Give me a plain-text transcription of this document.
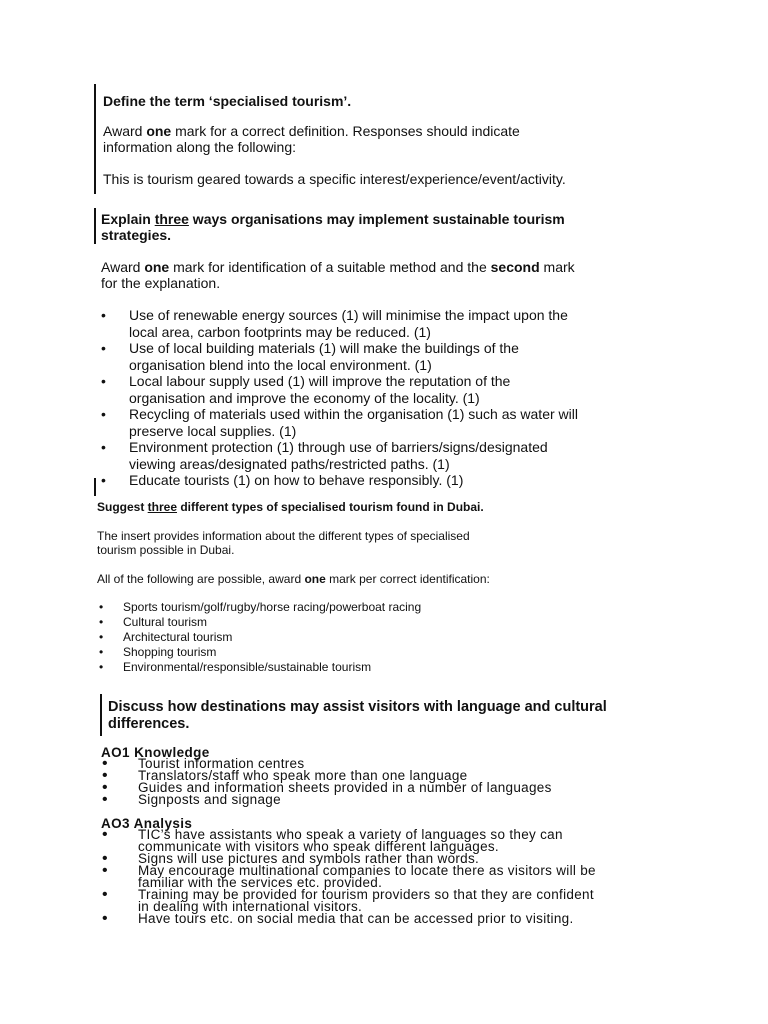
Define the term ‘specialised tourism’.

Award one mark for a correct definition. Responses should indicate

information along the following:

This is tourism geared towards a specific interest/experience/event/activity.

Explain three ways organisations may implement sustainable tourism

strategies.

Award one mark for identification of a suitable method and the second mark

for the explanation.

• Use of renewable energy sources (1) will minimise the impact upon the
local area, carbon footprints may be reduced. (1)
• Use of local building materials (1) will make the buildings of the
organisation blend into the local environment. (1)
• Local labour supply used (1) will improve the reputation of the
organisation and improve the economy of the locality. (1)
• Recycling of materials used within the organisation (1) such as water will
preserve local supplies. (1)
• Environment protection (1) through use of barriers/signs/designated
viewing areas/designated paths/restricted paths. (1)
• Educate tourists (1) on how to behave responsibly. (1)

Suggest three different types of specialised tourism found in Dubai.

The insert provides information about the different types of specialised

tourism possible in Dubai.

All of the following are possible, award one mark per correct identification:

• Sports tourism/golf/rugby/horse racing/powerboat racing
• Cultural tourism
• Architectural tourism
• Shopping tourism
• Environmental/responsible/sustainable tourism

Discuss how destinations may assist visitors with language and cultural

differences.

AO1 Knowledge

• Tourist information centres
• Translators/staff who speak more than one language
• Guides and information sheets provided in a number of languages
• Signposts and signage

AO3 Analysis

• TIC’s have assistants who speak a variety of languages so they can
communicate with visitors who speak different languages.
• Signs will use pictures and symbols rather than words.
• May encourage multinational companies to locate there as visitors will be
familiar with the services etc. provided.
• Training may be provided for tourism providers so that they are confident
in dealing with international visitors.
• Have tours etc. on social media that can be accessed prior to visiting.
